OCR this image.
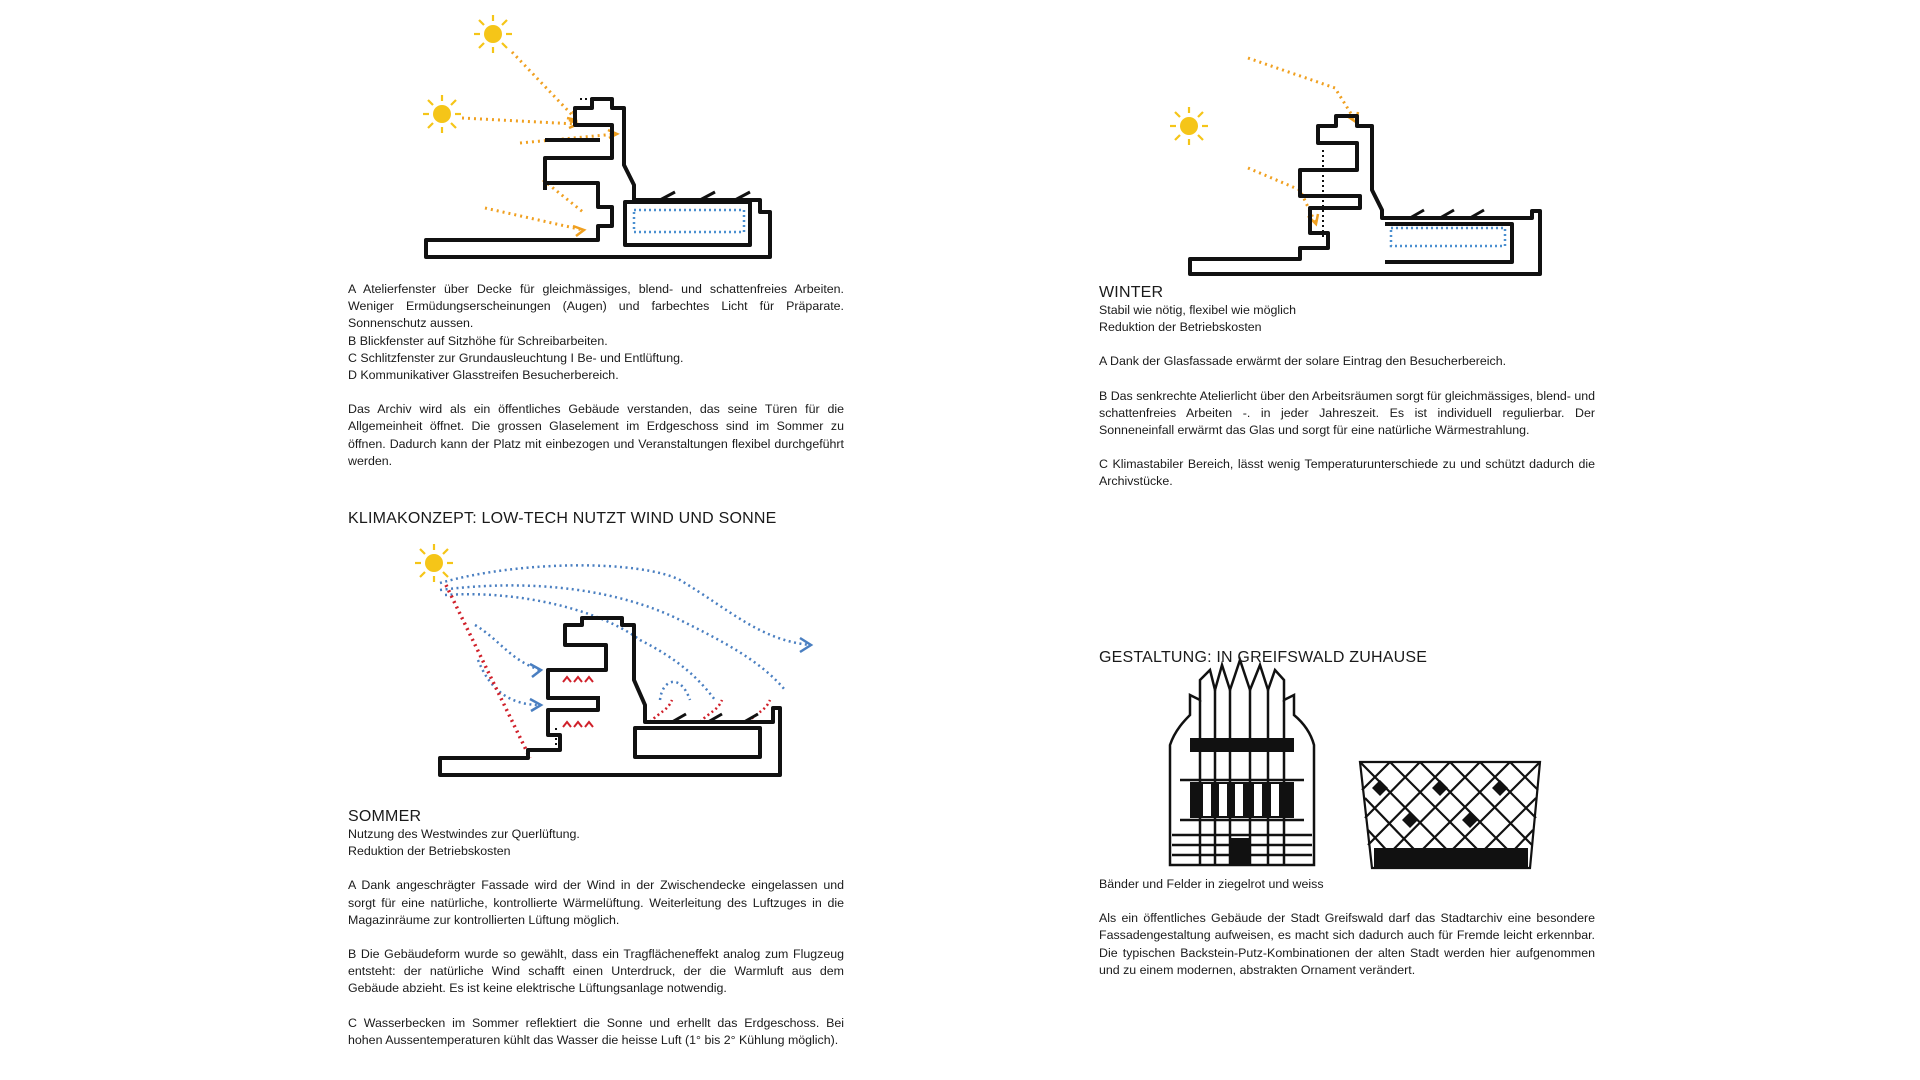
A Atelierfenster über Decke für gleichmässiges, blend- und schattenfreies Arbeiten. Weniger Ermüdungserscheinungen (Augen) und farbechtes Licht für Präparate. Sonnenschutz aussen.

B Blickfenster auf Sitzhöhe für Schreibarbeiten.

C Schlitzfenster zur Grundausleuchtung I Be- und Entlüftung.

D Kommunikativer Glasstreifen Besucherbereich.

Das Archiv wird als ein öffentliches Gebäude verstanden, das seine Türen für die Allgemeinheit öffnet. Die grossen Glaselement im Erdgeschoss sind im Sommer zu öffnen. Dadurch kann der Platz mit einbezogen und Veranstaltungen flexibel durchgeführt werden.

KLIMAKONZEPT: LOW-TECH NUTZT WIND UND SONNE

SOMMER

Nutzung des Westwindes zur Querlüftung.

Reduktion der Betriebskosten

A Dank angeschrägter Fassade wird der Wind in der Zwischendecke eingelassen und sorgt für eine natürliche, kontrollierte Wärmelüftung. Weiterleitung des Luftzuges in die Magazinräume zur kontrollierten Lüftung möglich.

B Die Gebäudeform wurde so gewählt, dass ein Tragflächeneffekt analog zum Flugzeug entsteht: der natürliche Wind schafft einen Unterdruck, der die Warmluft aus dem Gebäude abzieht. Es ist keine elektrische Lüftungsanlage notwendig.

C Wasserbecken im Sommer reflektiert die Sonne und erhellt das Erdgeschoss. Bei hohen Aussentemperaturen kühlt das Wasser die heisse Luft (1° bis 2° Kühlung möglich).

WINTER

Stabil wie nötig, flexibel wie möglich

Reduktion der Betriebskosten

A Dank der Glasfassade erwärmt der solare Eintrag den Besucherbereich.

B Das senkrechte Atelierlicht über den Arbeitsräumen sorgt für gleichmässiges, blend- und schattenfreies Arbeiten -. in jeder Jahreszeit. Es ist individuell regulierbar. Der Sonneneinfall erwärmt das Glas und sorgt für eine natürliche Wärmestrahlung.

C Klimastabiler Bereich, lässt wenig Temperaturunterschiede zu und schützt dadurch die Archivstücke.

GESTALTUNG: IN GREIFSWALD ZUHAUSE

Bänder und Felder in ziegelrot und weiss

Als ein öffentliches Gebäude der Stadt Greifswald darf das Stadtarchiv eine besondere Fassadengestaltung aufweisen, es macht sich dadurch auch für Fremde leicht erkennbar. Die typischen Backstein-Putz-Kombinationen der alten Stadt werden hier aufgenommen und zu einem modernen, abstrakten Ornament verändert.
